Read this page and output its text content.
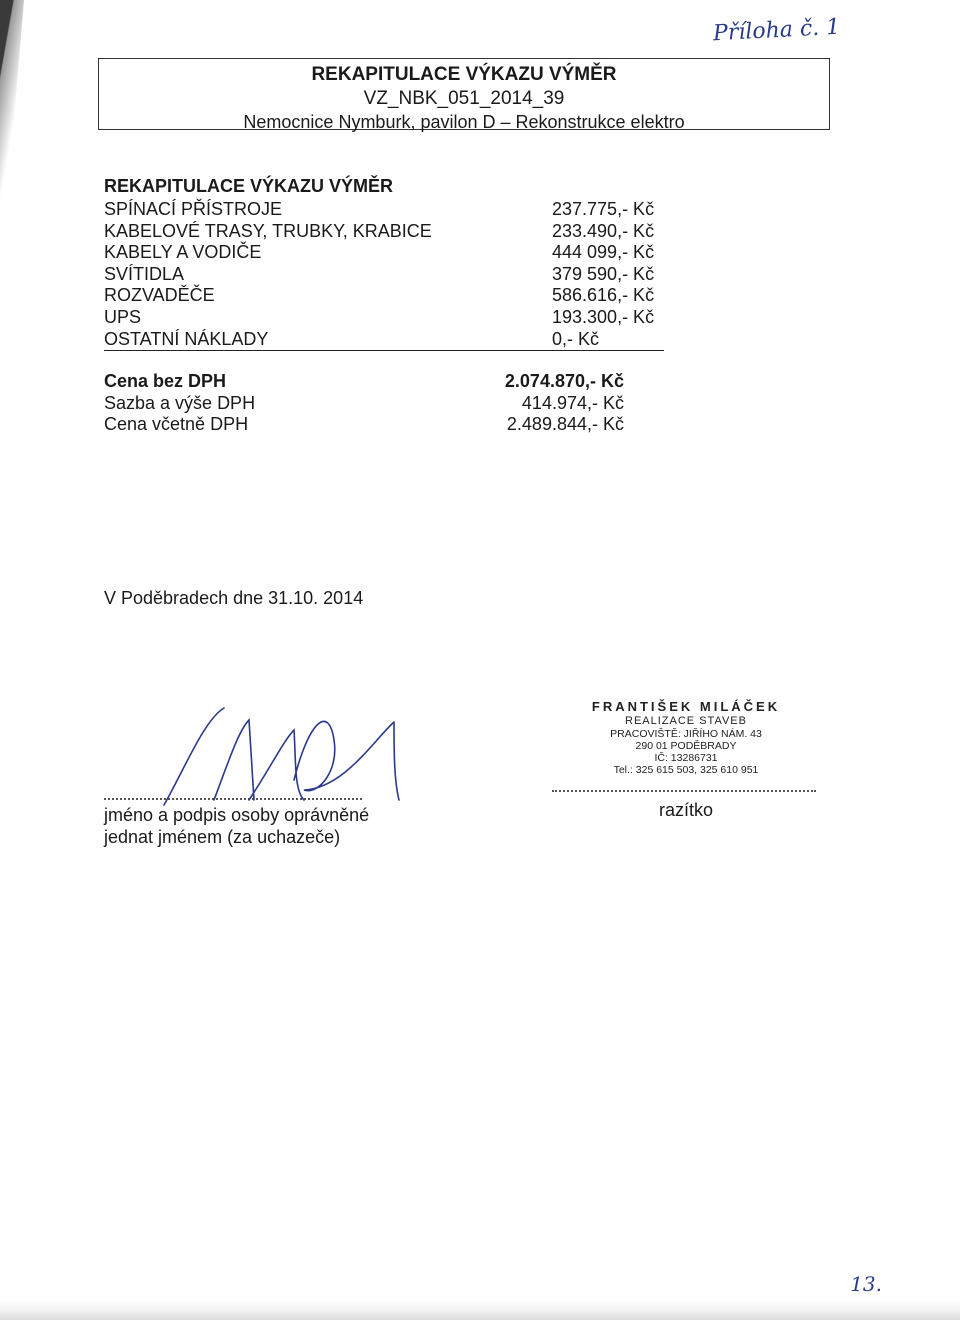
Příloha č. 1
REKAPITULACE VÝKAZU VÝMĚR
VZ_NBK_051_2014_39
Nemocnice Nymburk, pavilon D – Rekonstrukce elektro
REKAPITULACE VÝKAZU VÝMĚR
SPÍNACÍ PŘÍSTROJE	237.775,- Kč
KABELOVÉ TRASY, TRUBKY, KRABICE	233.490,- Kč
KABELY A VODIČE	444 099,- Kč
SVÍTIDLA	379 590,- Kč
ROZVADĚČE	586.616,- Kč
UPS	193.300,- Kč
OSTATNÍ NÁKLADY	0,- Kč
Cena bez DPH	2.074.870,- Kč
Sazba a výše DPH	414.974,- Kč
Cena včetně DPH	2.489.844,- Kč
V Poděbradech dne 31.10. 2014
jméno a podpis osoby oprávněné
jednat jménem (za uchazeče)
FRANTIŠEK MILÁČEK
REALIZACE STAVEB
PRACOVIŠTĚ: JIŘÍHO NÁM. 43
290 01 PODĚBRADY
IČ: 13286731
Tel.: 325 615 503, 325 610 951
razítko
13.
